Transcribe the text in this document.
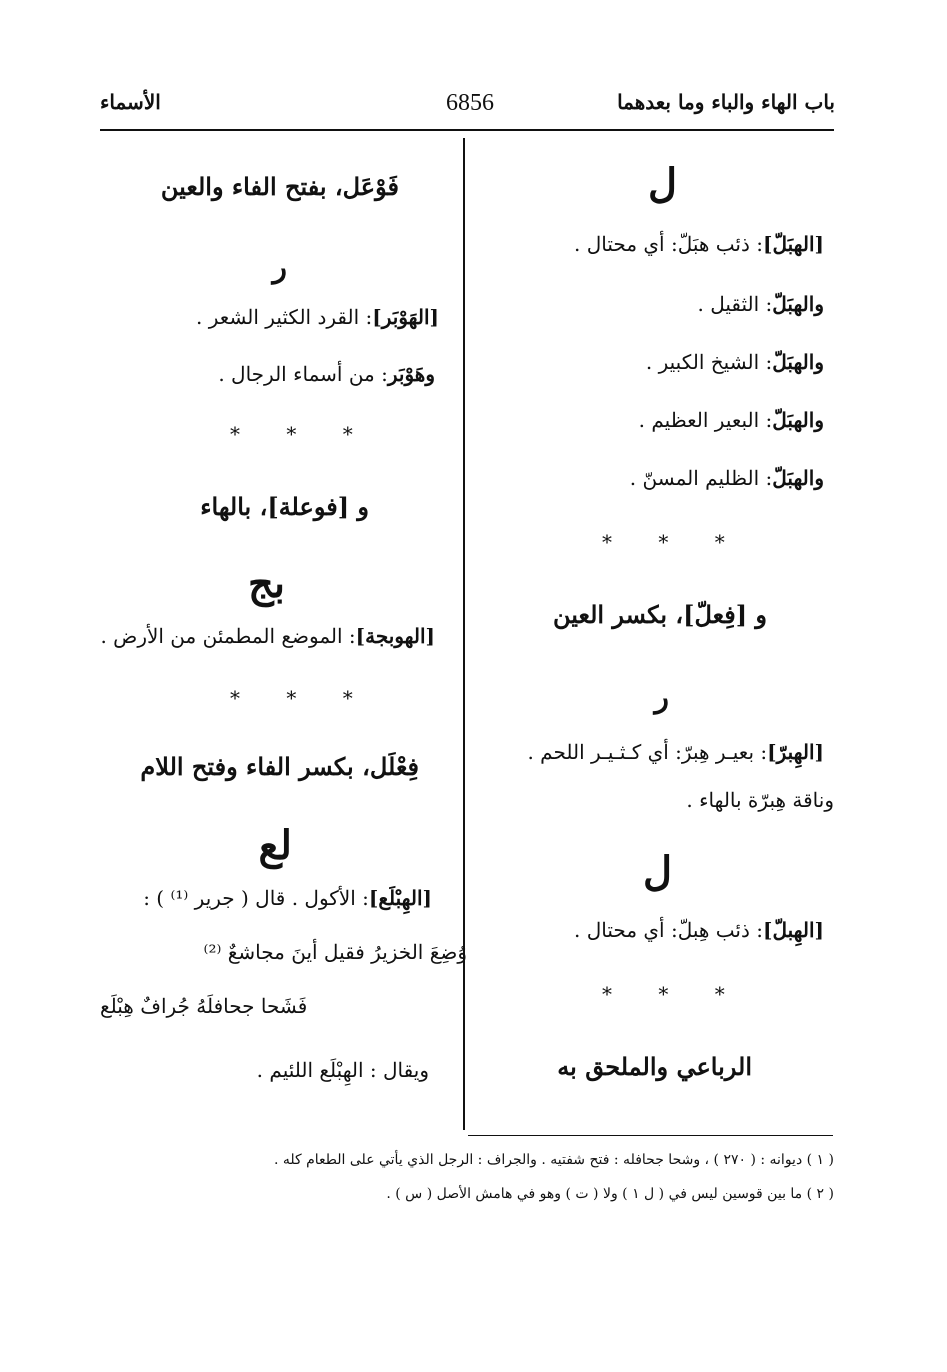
باب الهاء والباء وما بعدهما
6856
الأسماء
ل
[الهبَلّ]: ذئب هبَلّ: أي محتال .
والهبَلّ: الثقيل .
والهبَلّ: الشيخ الكبير .
والهبَلّ: البعير العظيم .
والهبَلّ: الظليم المسنّ .
* * *
و [فِعلّ]، بكسر العين
ر
[الهِبرّ]: بعيـر هِبرّ: أي كـثـيـر اللحم .
وناقة هِبرّة بالهاء .
ل
[الهِبلّ]: ذئب هِبلّ: أي محتال .
* * *
الرباعي والملحق به
فَوْعَل، بفتح الفاء والعين
ر
[الهَوْبَر]: القرد الكثير الشعر .
وهَوْبَر: من أسماء الرجال .
* * *
و [فوعلة]، بالهاء
بج
[الهوبجة]: الموضع المطمئن من الأرض .
* * *
فِعْلَل، بكسر الفاء وفتح اللام
لع
[الهِبْلَع]: الأكول . قال ( جرير ⁽¹⁾ ) :
وُضِعَ الخزيرُ فقيل أينَ مجاشعٌ ⁽²⁾
فَشَحا جحافلَهُ جُرافٌ هِبْلَع
ويقال : الهِبْلَع اللئيم .
( ١ ) ديوانه : ( ٢٧٠ ) ، وشحا جحافله : فتح شفتيه . والجراف : الرجل الذي يأتي على الطعام كله .
( ٢ ) ما بين قوسين ليس في ( ل ١ ) ولا ( ت ) وهو في هامش الأصل ( س ) .
